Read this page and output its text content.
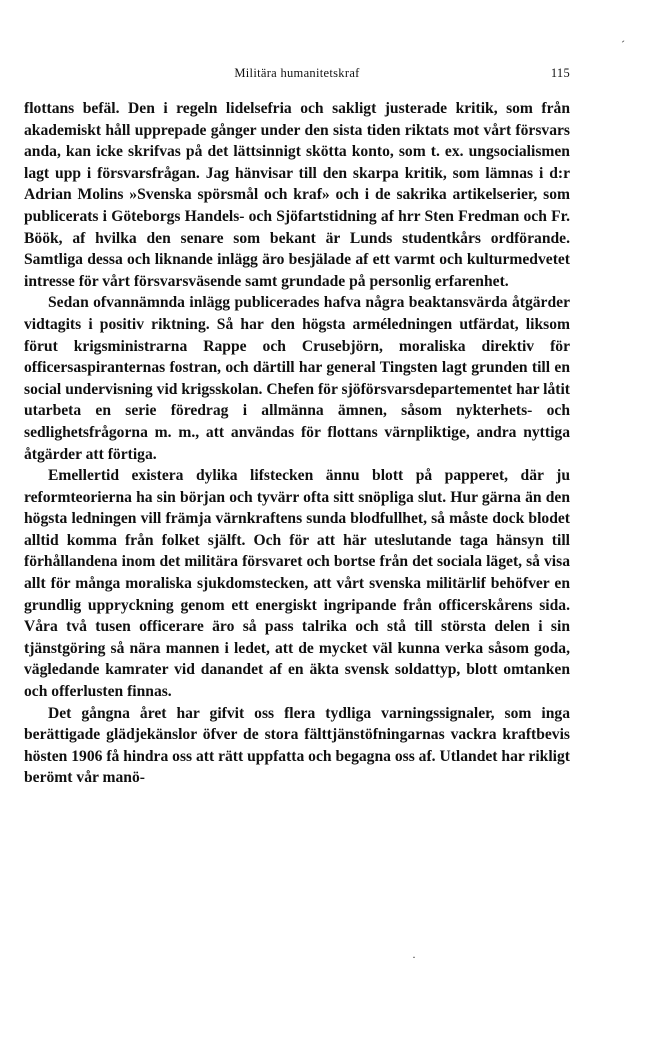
´
Militära humanitetskraf	115

flottans befäl. Den i regeln lidelsefria och sakligt justerade kritik, som från akademiskt håll upprepade gånger under den sista tiden riktats mot vårt försvars anda, kan icke skrifvas på det lättsinnigt skötta konto, som t. ex. ungsocialismen lagt upp i försvarsfrågan. Jag hänvisar till den skarpa kritik, som lämnas i d:r Adrian Molins »Svenska spörsmål och kraf» och i de sakrika artikelserier, som publicerats i Göteborgs Handels- och Sjöfartstidning af hrr Sten Fredman och Fr. Böök, af hvilka den senare som bekant är Lunds studentkårs ordförande. Samtliga dessa och liknande inlägg äro besjälade af ett varmt och kulturmedvetet intresse för vårt försvarsväsende samt grundade på personlig erfarenhet.

Sedan ofvannämnda inlägg publicerades hafva några beaktansvärda åtgärder vidtagits i positiv riktning. Så har den högsta arméledningen utfärdat, liksom förut krigsministrarna Rappe och Crusebjörn, moraliska direktiv för officersaspiranternas fostran, och därtill har general Tingsten lagt grunden till en social undervisning vid krigsskolan. Chefen för sjöförsvarsdepartementet har låtit utarbeta en serie föredrag i allmänna ämnen, såsom nykterhets- och sedlighetsfrågorna m. m., att användas för flottans värnpliktige, andra nyttiga åtgärder att förtiga.

Emellertid existera dylika lifstecken ännu blott på papperet, där ju reformteorierna ha sin början och tyvärr ofta sitt snöpliga slut. Hur gärna än den högsta ledningen vill främja värnkraftens sunda blodfullhet, så måste dock blodet alltid komma från folket själft. Och för att här uteslutande taga hänsyn till förhållandena inom det militära försvaret och bortse från det sociala läget, så visa allt för många moraliska sjukdomstecken, att vårt svenska militärlif behöfver en grundlig uppryckning genom ett energiskt ingripande från officerskårens sida. Våra två tusen officerare äro så pass talrika och stå till största delen i sin tjänstgöring så nära mannen i ledet, att de mycket väl kunna verka såsom goda, vägledande kamrater vid danandet af en äkta svensk soldattyp, blott omtanken och offerlusten finnas.

Det gångna året har gifvit oss flera tydliga varningssignaler, som inga berättigade glädjekänslor öfver de stora fälttjänstöfningarnas vackra kraftbevis hösten 1906 få hindra oss att rätt uppfatta och begagna oss af. Utlandet har rikligt berömt vår manö-

·
